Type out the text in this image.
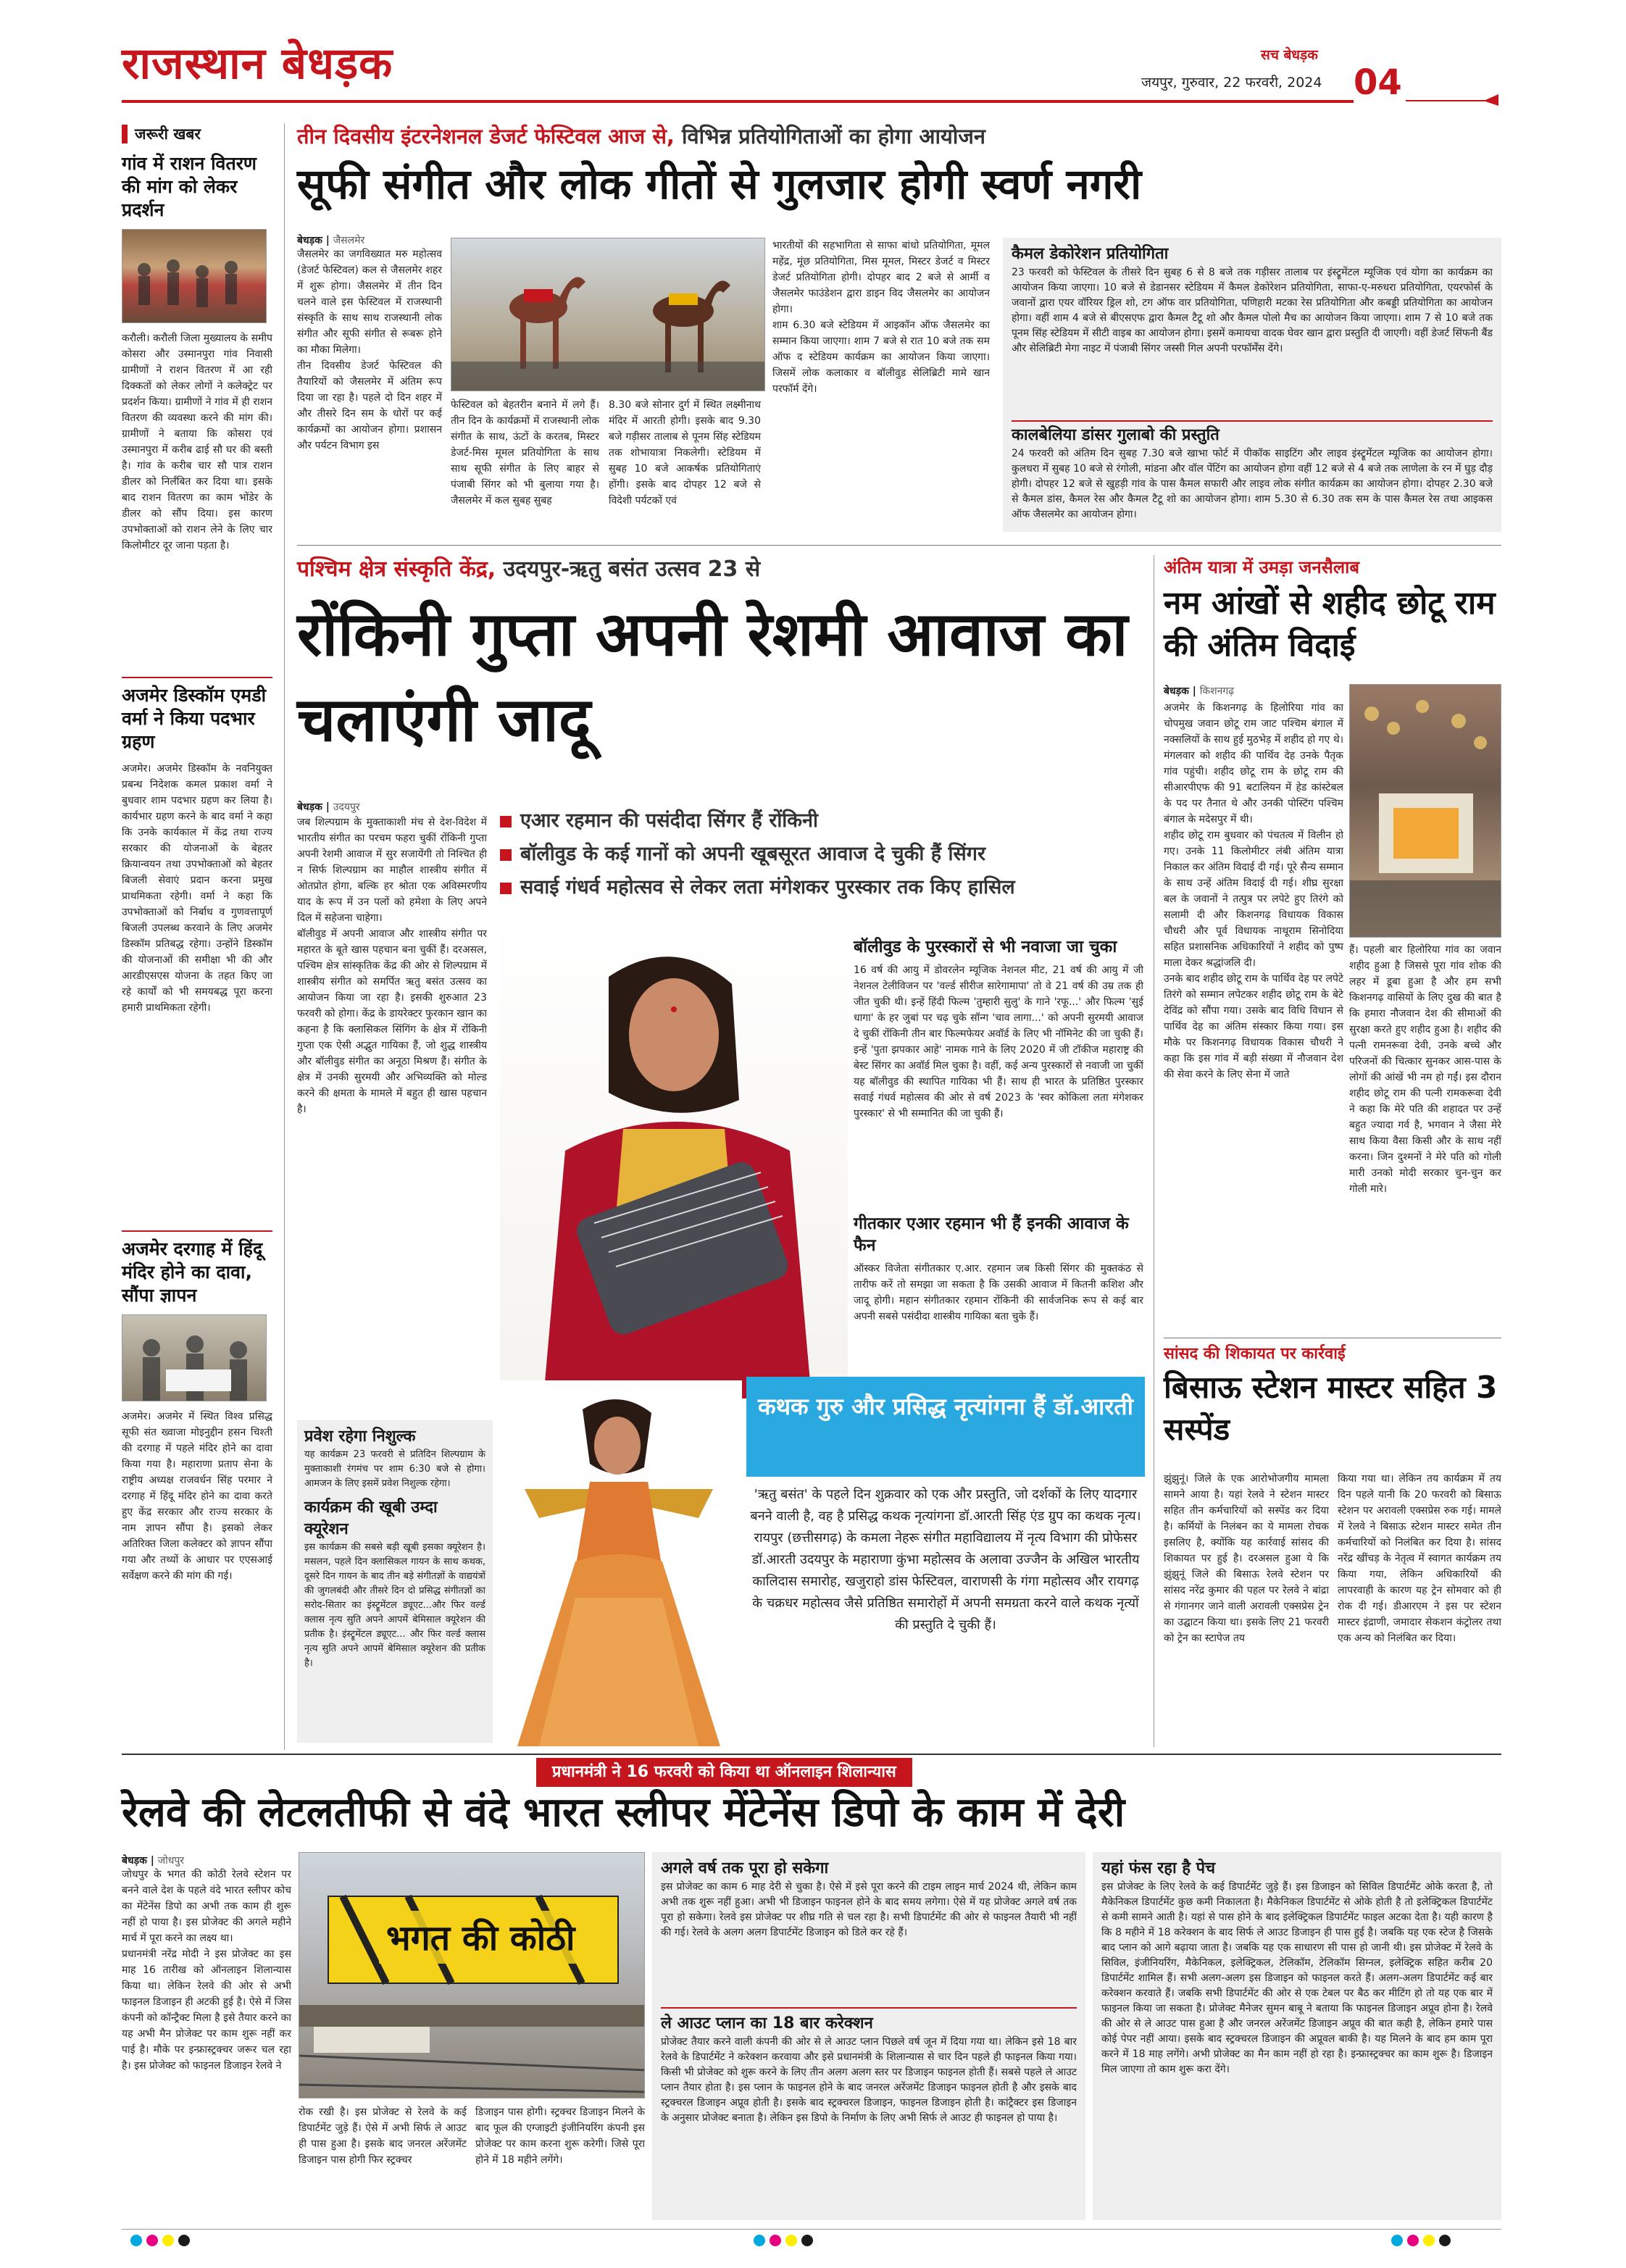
राजस्थान बेधड़क	सच बेधड़क
जयपुर, गुरुवार, 22 फरवरी, 2024 04
जरूरी खबर
गांव में राशन वितरण की मांग को लेकर प्रदर्शन
करौली। करौली जिला मुख्यालय के समीप कोसरा और उस्मानपुरा गांव निवासी ग्रामीणों ने राशन वितरण में आ रही दिक्कतों को लेकर लोगों ने कलेक्ट्रेट पर प्रदर्शन किया। ग्रामीणों ने गांव में ही राशन वितरण की व्यवस्था करने की मांग की। ग्रामीणों ने बताया कि कोसरा एवं उस्मानपुरा में करीब ढाई सौ घर की बस्ती है। गांव के करीब चार सौ पात्र राशन डीलर को निर्लंबित कर दिया था। इसके बाद राशन वितरण का काम भोंडेर के डीलर को सौंप दिया। इस कारण उपभोक्ताओं को राशन लेने के लिए चार किलोमीटर दूर जाना पड़ता है।
अजमेर डिस्कॉम एमडी वर्मा ने किया पदभार ग्रहण
अजमेर। अजमेर डिस्कॉम के नवनियुक्त प्रबन्ध निदेशक कमल प्रकाश वर्मा ने बुधवार शाम पदभार ग्रहण कर लिया है। कार्यभार ग्रहण करने के बाद वर्मा ने कहा कि उनके कार्यकाल में केंद्र तथा राज्य सरकार की योजनाओं के बेहतर क्रियान्वयन तथा उपभोक्ताओं को बेहतर बिजली सेवाएं प्रदान करना प्रमुख प्राथमिकता रहेगी। वर्मा ने कहा कि उपभोक्ताओं को निर्बाध व गुणवत्तापूर्ण बिजली उपलब्ध करवाने के लिए अजमेर डिस्कॉम प्रतिबद्ध रहेगा। उन्होंने डिस्कॉम की योजनाओं की समीक्षा भी की और आरडीएसएस योजना के तहत किए जा रहे कार्यों को भी समयबद्ध पूरा करना हमारी प्राथमिकता रहेगी।
अजमेर दरगाह में हिंदू मंदिर होने का दावा, सौंपा ज्ञापन
अजमेर। अजमेर में स्थित विश्व प्रसिद्ध सूफी संत ख्वाजा मोइनुद्दीन हसन चिश्ती की दरगाह में पहले मंदिर होने का दावा किया गया है। महाराणा प्रताप सेना के राष्ट्रीय अध्यक्ष राजवर्धन सिंह परमार ने दरगाह में हिंदू मंदिर होने का दावा करते हुए केंद्र सरकार और राज्य सरकार के नाम ज्ञापन सौंपा है। इसको लेकर अतिरिक्त जिला कलेक्टर को ज्ञापन सौंपा गया और तथ्यों के आधार पर एएसआई सर्वेक्षण करने की मांग की गई।
तीन दिवसीय इंटरनेशनल डेजर्ट फेस्टिवल आज से, विभिन्न प्रतियोगिताओं का होगा आयोजन
सूफी संगीत और लोक गीतों से गुलजार होगी स्वर्ण नगरी
बेधड़क | जैसलमेर
जैसलमेर का जगविख्यात मरु महोत्सव (डेजर्ट फेस्टिवल) कल से जैसलमेर शहर में शुरू होगा। जैसलमेर में तीन दिन चलने वाले इस फेस्टिवल में राजस्थानी संस्कृति के साथ साथ राजस्थानी लोक संगीत और सूफी संगीत से रूबरू होने का मौका मिलेगा।
तीन दिवसीय डेजर्ट फेस्टिवल की तैयारियों को जैसलमेर में अंतिम रूप दिया जा रहा है। पहले दो दिन शहर में और तीसरे दिन सम के धोरों पर कई कार्यक्रमों का आयोजन होगा। प्रशासन और पर्यटन विभाग इस
फेस्टिवल को बेहतरीन बनाने में लगे हैं। तीन दिन के कार्यक्रमों में राजस्थानी लोक संगीत के साथ, ऊंटों के करतब, मिस्टर डेजर्ट-मिस मूमल प्रतियोगिता के साथ साथ सूफी संगीत के लिए बाहर से पंजाबी सिंगर को भी बुलाया गया है। जैसलमेर में कल सुबह सुबह
8.30 बजे सोनार दुर्ग में स्थित लक्ष्मीनाथ मंदिर में आरती होगी। इसके बाद 9.30 बजे गड़ीसर तालाब से पूनम सिंह स्टेडियम तक शोभायात्रा निकलेगी। स्टेडियम में सुबह 10 बजे आकर्षक प्रतियोगिताएं होंगी। इसके बाद दोपहर 12 बजे से विदेशी पर्यटकों एवं
भारतीयों की सहभागिता से साफा बांधो प्रतियोगिता, मूमल महेंद्र, मूंछ प्रतियोगिता, मिस मूमल, मिस्टर डेजर्ट व मिस्टर डेजर्ट प्रतियोगिता होगी। दोपहर बाद 2 बजे से आर्मी व जैसलमेर फाउंडेशन द्वारा डाइन विद जैसलमेर का आयोजन होगा।
शाम 6.30 बजे स्टेडियम में आइकॉन ऑफ जैसलमेर का सम्मान किया जाएगा। शाम 7 बजे से रात 10 बजे तक सम ऑफ द स्टेडियम कार्यक्रम का आयोजन किया जाएगा। जिसमें लोक कलाकार व बॉलीवुड सेलिब्रिटी मामे खान परफॉर्म देंगे।
कैमल डेकोरेशन प्रतियोगिता
23 फरवरी को फेस्टिवल के तीसरे दिन सुबह 6 से 8 बजे तक गड़ीसर तालाब पर इंस्ट्रूमेंटल म्यूजिक एवं योगा का कार्यक्रम का आयोजन किया जाएगा। 10 बजे से डेडानसर स्टेडियम में कैमल डेकोरेशन प्रतियोगिता, साफा-ए-मरुधरा प्रतियोगिता, एयरफोर्स के जवानों द्वारा एयर वॉरियर ड्रिल शो, टग ऑफ वार प्रतियोगिता, पणिहारी मटका रेस प्रतियोगिता और कबड्डी प्रतियोगिता का आयोजन होगा। वहीं शाम 4 बजे से बीएसएफ द्वारा कैमल टैटू शो और कैमल पोलो मैच का आयोजन किया जाएगा। शाम 7 से 10 बजे तक पूनम सिंह स्टेडियम में सीटी वाइब का आयोजन होगा। इसमें कमायचा वादक घेवर खान द्वारा प्रस्तुति दी जाएगी। वहीं डेजर्ट सिंफनी बैंड और सेलिब्रिटी मेगा नाइट में पंजाबी सिंगर जस्सी गिल अपनी परफॉर्मेंस देंगे।
कालबेलिया डांसर गुलाबो की प्रस्तुति
24 फरवरी को अंतिम दिन सुबह 7.30 बजे खाभा फोर्ट में पीकॉक साइटिंग और लाइव इंस्ट्रूमेंटल म्यूजिक का आयोजन होगा। कुलधरा में सुबह 10 बजे से रंगोली, मांडना और वॉल पेंटिंग का आयोजन होगा वहीं 12 बजे से 4 बजे तक लाणेला के रन में घुड़ दौड़ होगी। दोपहर 12 बजे से खुहड़ी गांव के पास कैमल सफारी और लाइव लोक संगीत कार्यक्रम का आयोजन होगा। दोपहर 2.30 बजे से कैमल डांस, कैमल रेस और कैमल टैटू शो का आयोजन होगा। शाम 5.30 से 6.30 तक सम के पास कैमल रेस तथा आइकस ऑफ जैसलमेर का आयोजन होगा।
पश्चिम क्षेत्र संस्कृति केंद्र, उदयपुर-ऋतु बसंत उत्सव 23 से
रोंकिनी गुप्ता अपनी रेशमी आवाज का चलाएंगी जादू
बेधड़क | उदयपुर
जब शिल्पग्राम के मुक्ताकाशी मंच से देश-विदेश में भारतीय संगीत का परचम फहरा चुकीं रोंकिनी गुप्ता अपनी रेशमी आवाज में सुर सजायेंगी तो निश्चित ही न सिर्फ शिल्पग्राम का माहौल शास्त्रीय संगीत में ओतप्रोत होगा, बल्कि हर श्रोता एक अविस्मरणीय याद के रूप में उन पलों को हमेशा के लिए अपने दिल में सहेजना चाहेगा।
बॉलीवुड में अपनी आवाज और शास्त्रीय संगीत पर महारत के बूते खास पहचान बना चुकीं हैं। दरअसल, पश्चिम क्षेत्र सांस्कृतिक केंद्र की ओर से शिल्पग्राम में शास्त्रीय संगीत को समर्पित ऋतु बसंत उत्सव का आयोजन किया जा रहा है। इसकी शुरुआत 23 फरवरी को होगा। केंद्र के डायरेक्टर फुरकान खान का कहना है कि क्लासिकल सिंगिंग के क्षेत्र में रोंकिनी गुप्ता एक ऐसी अद्भुत गायिका हैं, जो शुद्ध शास्त्रीय और बॉलीवुड संगीत का अनूठा मिश्रण हैं। संगीत के क्षेत्र में उनकी सुरमयी और अभिव्यक्ति को मोल्ड करने की क्षमता के मामले में बहुत ही खास पहचान है।
एआर रहमान की पसंदीदा सिंगर हैं रोंकिनी
बॉलीवुड के कई गानों को अपनी खूबसूरत आवाज दे चुकी हैं सिंगर
सवाई गंधर्व महोत्सव से लेकर लता मंगेशकर पुरस्कार तक किए हासिल
बॉलीवुड के पुरस्कारों से भी नवाजा जा चुका
16 वर्ष की आयु में डोवरलेन म्यूजिक नेशनल मीट, 21 वर्ष की आयु में जी नेशनल टेलीविजन पर 'वर्ल्ड सीरीज सारेगामापा' तो वे 21 वर्ष की उम्र तक ही जीत चुकी थी। इन्हें हिंदी फिल्म 'तुम्हारी सुलु' के गाने 'रफू...' और फिल्म 'सुई धागा' के हर जुबां पर चढ़ चुके सॉन्ग 'चाव लागा...' को अपनी सुरमयी आवाज दे चुकीं रोंकिनी तीन बार फिल्मफेयर अवॉर्ड के लिए भी नॉमिनेट की जा चुकी हैं। इन्हें 'पुता झपकार आहे' नामक गाने के लिए 2020 में जी टॉकीज महाराष्ट्र की बेस्ट सिंगर का अवॉर्ड मिल चुका है। वहीं, कई अन्य पुरस्कारों से नवाजी जा चुकीं यह बॉलीवुड की स्थापित गायिका भी हैं। साथ ही भारत के प्रतिष्ठित पुरस्कार सवाई गंधर्व महोत्सव की ओर से वर्ष 2023 के 'स्वर कोकिला लता मंगेशकर पुरस्कार' से भी सम्मानित की जा चुकी हैं।
गीतकार एआर रहमान भी हैं इनकी आवाज के फैन
ऑस्कर विजेता संगीतकार ए.आर. रहमान जब किसी सिंगर की मुक्तकंठ से तारीफ करें तो समझा जा सकता है कि उसकी आवाज में कितनी कशिश और जादू होगी। महान संगीतकार रहमान रोंकिनी की सार्वजनिक रूप से कई बार अपनी सबसे पसंदीदा शास्त्रीय गायिका बता चुके हैं।
प्रवेश रहेगा निशुल्क
यह कार्यक्रम 23 फरवरी से प्रतिदिन शिल्पग्राम के मुक्ताकाशी रंगमंच पर शाम 6:30 बजे से होगा। आमजन के लिए इसमें प्रवेश निशुल्क रहेगा।
कार्यक्रम की खूबी उम्दा क्यूरेशन
इस कार्यक्रम की सबसे बड़ी खूबी इसका क्यूरेशन है। मसलन, पहले दिन क्लासिकल गायन के साथ कथक, दूसरे दिन गायन के बाद तीन बड़े संगीतज्ञों के वाद्ययंत्रों की जुगलबंदी और तीसरे दिन दो प्रसिद्ध संगीतज्ञों का सरोद-सितार का इंस्ट्रूमेंटल ड्यूएट...और फिर वर्ल्ड क्लास नृत्य सुति अपने आपमें बेमिसाल क्यूरेशन की प्रतीक है। इंस्ट्रूमेंटल ड्यूएट... और फिर वर्ल्ड क्लास नृत्य सुति अपने आपमें बेमिसाल क्यूरेशन की प्रतीक है।
कथक गुरु और प्रसिद्ध नृत्यांगना हैं डॉ.आरती
'ऋतु बसंत' के पहले दिन शुक्रवार को एक और प्रस्तुति, जो दर्शकों के लिए यादगार बनने वाली है, वह है प्रसिद्ध कथक नृत्यांगना डॉ.आरती सिंह एंड ग्रुप का कथक नृत्य। रायपुर (छत्तीसगढ़) के कमला नेहरू संगीत महाविद्यालय में नृत्य विभाग की प्रोफेसर डॉ.आरती उदयपुर के महाराणा कुंभा महोत्सव के अलावा उज्जैन के अखिल भारतीय कालिदास समारोह, खजुराहो डांस फेस्टिवल, वाराणसी के गंगा महोत्सव और रायगढ़ के चक्रधर महोत्सव जैसे प्रतिष्ठित समारोहों में अपनी समग्रता करने वाले कथक नृत्यों की प्रस्तुति दे चुकी हैं।
अंतिम यात्रा में उमड़ा जनसैलाब
नम आंखों से शहीद छोटू राम की अंतिम विदाई
बेधड़क | किशनगढ़
अजमेर के किशनगढ़ के हिलोरिया गांव का चोपमुख जवान छोटू राम जाट पश्चिम बंगाल में नक्सलियों के साथ हुई मुठभेड़ में शहीद हो गए थे। मंगलवार को शहीद की पार्थिव देह उनके पैतृक गांव पहुंची। शहीद छोटू राम के छोटू राम की सीआरपीएफ की 91 बटालियन में हेड कांस्टेबल के पद पर तैनात थे और उनकी पोस्टिंग पश्चिम बंगाल के मदेसपुर में थी।
शहीद छोटू राम बुधवार को पंचतत्व में विलीन हो गए। उनके 11 किलोमीटर लंबी अंतिम यात्रा निकाल कर अंतिम विदाई दी गई। पूरे सैन्य सम्मान के साथ उन्हें अंतिम विदाई दी गई। शीघ्र सुरक्षा बल के जवानों ने तत्पुत्र पर लपेटे हुए तिरंगे को सलामी दी और किशनगढ़ विधायक विकास चौधरी और पूर्व विधायक नाथूराम सिनोदिया सहित प्रशासनिक अधिकारियों ने शहीद को पुष्प माला देकर श्रद्धांजलि दी।
उनके बाद शहीद छोटू राम के पार्थिव देह पर लपेटे तिरंगे को सम्मान लपेटकर शहीद छोटू राम के बेटे देविंद्र को सौंपा गया। उसके बाद विधि विधान से पार्थिव देह का अंतिम संस्कार किया गया। इस मौके पर किशनगढ़ विधायक विकास चौधरी ने कहा कि इस गांव में बड़ी संख्या में नौजवान देश की सेवा करने के लिए सेना में जाते
हैं। पहली बार हिलोरिया गांव का जवान शहीद हुआ है जिससे पूरा गांव शोक की लहर में डूबा हुआ है और हम सभी किशनगढ़ वासियों के लिए दुख की बात है कि हमारा नौजवान देश की सीमाओं की सुरक्षा करते हुए शहीद हुआ है। शहीद की पत्नी रामनरूवा देवी, उनके बच्चे और परिजनों की चित्कार सुनकर आस-पास के लोगों की आंखें भी नम हो गईं। इस दौरान शहीद छोटू राम की पत्नी रामकरूवा देवी ने कहा कि मेरे पति की शहादत पर उन्हें बहुत ज्यादा गर्व है, भगवान ने जैसा मेरे साथ किया वैसा किसी और के साथ नहीं करना। जिन दुश्मनों ने मेरे पति को गोली मारी उनको मोदी सरकार चुन-चुन कर गोली मारे।
सांसद की शिकायत पर कार्रवाई
बिसाऊ स्टेशन मास्टर सहित 3 सस्पेंड
झुंझुनूं। जिले के एक आरोभोजगीय मामला सामने आया है। यहां रेलवे ने स्टेशन मास्टर सहित तीन कर्मचारियों को सस्पेंड कर दिया है। कर्मियों के निलंबन का ये मामला रोचक इसलिए है, क्योंकि यह कार्रवाई सांसद की शिकायत पर हुई है। दरअसल हुआ ये कि झुंझुनूं जिले की बिसाऊ रेलवे स्टेशन पर सांसद नरेंद्र कुमार की पहल पर रेलवे ने बांद्रा से गंगानगर जाने वाली अरावली एक्सप्रेस ट्रेन का उद्घाटन किया था। इसके लिए 21 फरवरी को ट्रेन का स्टापेज तय
किया गया था। लेकिन तय कार्यक्रम में तय दिन पहले यानी कि 20 फरवरी को बिसाऊ स्टेशन पर अरावली एक्सप्रेस रुक गई। मामले में रेलवे ने बिसाऊ स्टेशन मास्टर समेत तीन कर्मचारियों को निलंबित कर दिया है। सांसद नरेंद्र खींचड़ के नेतृत्व में स्वागत कार्यक्रम तय किया गया, लेकिन अधिकारियों की लापरवाही के कारण यह ट्रेन सोमवार को ही रोक दी गई। डीआरएम ने इस पर स्टेशन मास्टर इंद्राणी, जमादार सेकशन कंट्रोलर तथा एक अन्य को निलंबित कर दिया।
प्रधानमंत्री ने 16 फरवरी को किया था ऑनलाइन शिलान्यास
रेलवे की लेटलतीफी से वंदे भारत स्लीपर मेंटेनेंस डिपो के काम में देरी
बेधड़क | जोधपुर
जोधपुर के भगत की कोठी रेलवे स्टेशन पर बनने वाले देश के पहले वंदे भारत स्लीपर कोच का मेंटेनेंस डिपो का अभी तक काम ही शुरू नहीं हो पाया है। इस प्रोजेक्ट की अगले महीने मार्च में पूरा करने का लक्ष्य था।
प्रधानमंत्री नरेंद्र मोदी ने इस प्रोजेक्ट का इस माह 16 तारीख को ऑनलाइन शिलान्यास किया था। लेकिन रेलवे की ओर से अभी फाइनल डिजाइन ही अटकी हुई है। ऐसे में जिस कंपनी को कॉन्ट्रैक्ट मिला है इसे तैयार करने का यह अभी मैन प्रोजेक्ट पर काम शुरू नहीं कर पाई है। मौके पर इन्फ्रास्ट्रक्चर जरूर चल रहा है। इस प्रोजेक्ट को फाइनल डिजाइन रेलवे ने
भगत की कोठी
रोक रखी है। इस प्रोजेक्ट से रेलवे के कई डिपार्टमेंट जुड़े हैं। ऐसे में अभी सिर्फ ले आउट ही पास हुआ है। इसके बाद जनरल अरेंजमेंट डिजाइन पास होगी फिर स्ट्रक्चर
डिजाइन पास होगी। स्ट्रक्चर डिजाइन मिलने के बाद फूल की एग्जाइटी इंजीनियरिंग कंपनी इस प्रोजेक्ट पर काम करना शुरू करेगी। जिसे पूरा होने में 18 महीने लगेंगे।
अगले वर्ष तक पूरा हो सकेगा
इस प्रोजेक्ट का काम 6 माह देरी से चुका है। ऐसे में इसे पूरा करने की टाइम लाइन मार्च 2024 थी, लेकिन काम अभी तक शुरू नहीं हुआ। अभी भी डिजाइन फाइनल होने के बाद समय लगेगा। ऐसे में यह प्रोजेक्ट अगले वर्ष तक पूरा हो सकेगा। रेलवे इस प्रोजेक्ट पर शीघ्र गति से चल रहा है। सभी डिपार्टमेंट की ओर से फाइनल तैयारी भी नहीं की गई। रेलवे के अलग अलग डिपार्टमेंट डिजाइन को डिले कर रहे हैं।
ले आउट प्लान का 18 बार करेक्शन
प्रोजेक्ट तैयार करने वाली कंपनी की ओर से ले आउट प्लान पिछले वर्ष जून में दिया गया था। लेकिन इसे 18 बार रेलवे के डिपार्टमेंट ने करेक्शन करवाया और इसे प्रधानमंत्री के शिलान्यास से चार दिन पहले ही फाइनल किया गया। किसी भी प्रोजेक्ट को शुरू करने के लिए तीन अलग अलग स्तर पर डिजाइन फाइनल होती हैं। सबसे पहले ले आउट प्लान तैयार होता है। इस प्लान के फाइनल होने के बाद जनरल अरेंजमेंट डिजाइन फाइनल होती है और इसके बाद स्ट्रक्चरल डिजाइन अप्रूव होती है। इसके बाद स्ट्रक्चरल डिजाइन, फाइनल डिजाइन होती है। कांट्रैक्टर इस डिजाइन के अनुसार प्रोजेक्ट बनाता है। लेकिन इस डिपो के निर्माण के लिए अभी सिर्फ ले आउट ही फाइनल हो पाया है।
यहां फंस रहा है पेच
इस प्रोजेक्ट के लिए रेलवे के कई डिपार्टमेंट जुड़े हैं। इस डिजाइन को सिविल डिपार्टमेंट ओके करता है, तो मैकेनिकल डिपार्टमेंट कुछ कमी निकालता है। मैकेनिकल डिपार्टमेंट से ओके होती है तो इलेक्ट्रिकल डिपार्टमेंट से कमी सामने आती है। यहां से पास होने के बाद इलेक्ट्रिकल डिपार्टमेंट फाइल अटका देता है। यही कारण है कि 8 महीने में 18 करेक्शन के बाद सिर्फ ले आउट डिजाइन ही पास हुई है। जबकि यह एक स्टेज है जिसके बाद प्लान को आगे बढ़ाया जाता है। जबकि यह एक साधारण सी पास हो जानी थी। इस प्रोजेक्ट में रेलवे के सिविल, इंजीनियरिंग, मैकेनिकल, इलेक्ट्रिकल, टेलिकॉम, टेलिकॉम सिग्नल, इलेक्ट्रिक सहित करीब 20 डिपार्टमेंट शामिल हैं। सभी अलग-अलग इस डिजाइन को फाइनल करते हैं। अलग-अलग डिपार्टमेंट कई बार करेक्शन करवाते हैं। जबकि सभी डिपार्टमेंट की ओर से एक टेबल पर बैठ कर मीटिंग हो तो यह एक बार में फाइनल किया जा सकता है। प्रोजेक्ट मैनेजर सुमन बाबू ने बताया कि फाइनल डिजाइन अप्रूव होना है। रेलवे की ओर से ले आउट पास हुआ है और जनरल अरेंजमेंट डिजाइन अप्रूव की बात कही है, लेकिन हमारे पास कोई पेपर नहीं आया। इसके बाद स्ट्रक्चरल डिजाइन की अप्रूवल बाकी है। यह मिलने के बाद हम काम पूरा करने में 18 माह लगेंगे। अभी प्रोजेक्ट का मैन काम नहीं हो रहा है। इन्फ्रास्ट्रक्चर का काम शुरू है। डिजाइन मिल जाएगा तो काम शुरू करा देंगे।
